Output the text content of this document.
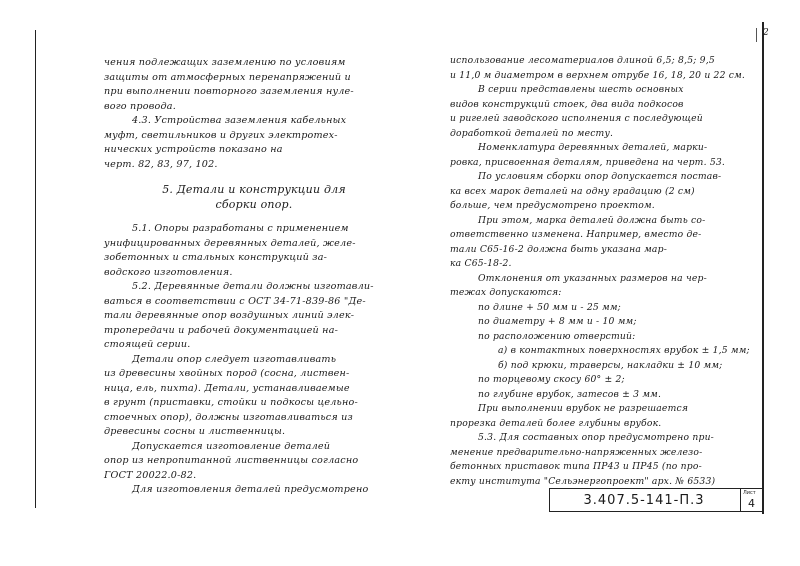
2

чения подлежащих заземлению по условиям

защиты от атмосферных перенапряжений и

при выполнении повторного заземления нуле-

вого провода.

4.3. Устройства заземления кабельных

муфт, светильников и других электротех-

нических устройств показано на

черт. 82, 83, 97, 102.

5. Детали и конструкции для

сборки опор.

5.1. Опоры разработаны с применением

унифицированных деревянных деталей, желе-

зобетонных и стальных конструкций за-

водского изготовления.

5.2. Деревянные детали должны изготавли-

ваться в соответствии с ОСТ 34-71-839-86 "Де-

тали деревянные опор воздушных линий элек-

тропередачи и рабочей документацией на-

стоящей серии.

Детали опор следует изготавливать

из древесины хвойных пород (сосна, листвен-

ница, ель, пихта). Детали, устанавливаемые

в грунт (приставки, стойки и подкосы цельно-

стоечных опор), должны изготавливаться из

древесины сосны и лиственницы.

Допускается изготовление деталей

опор из непропитанной лиственницы согласно

ГОСТ 20022.0-82.

Для изготовления деталей предусмотрено

использование лесоматериалов длиной 6,5; 8,5; 9,5

и 11,0 м диаметром в верхнем отрубе 16, 18, 20 и 22 см.

В серии представлены шесть основных

видов конструкций стоек, два вида подкосов

и ригелей заводского исполнения с последующей

доработкой деталей по месту.

Номенклатура деревянных деталей, марки-

ровка, присвоенная деталям, приведена на черт. 53.

По условиям сборки опор допускается постав-

ка всех марок деталей на одну градацию (2 см)

больше, чем предусмотрено проектом.

При этом, марка деталей должна быть со-

ответственно изменена. Например, вместо де-

тали С65-16-2 должна быть указана мар-

ка С65-18-2.

Отклонения от указанных размеров на чер-

тежах допускаются:

по длине + 50 мм и - 25 мм;

по диаметру + 8 мм и - 10 мм;

по расположению отверстий:

а) в контактных поверхностях врубок ± 1,5 мм;

б) под крюки, траверсы, накладки ± 10 мм;

по торцевому скосу 60° ± 2;

по глубине врубок, затесов ± 3 мм.

При выполнении врубок не разрешается

прорезка деталей более глубины врубок.

5.3. Для составных опор предусмотрено при-

менение предварительно-напряженных железо-

бетонных приставок типа ПР43 и ПР45 (по про-

екту института "Сельэнергопроект" арх. № 6533)

3.407.5-141-П.3	Лист
4
